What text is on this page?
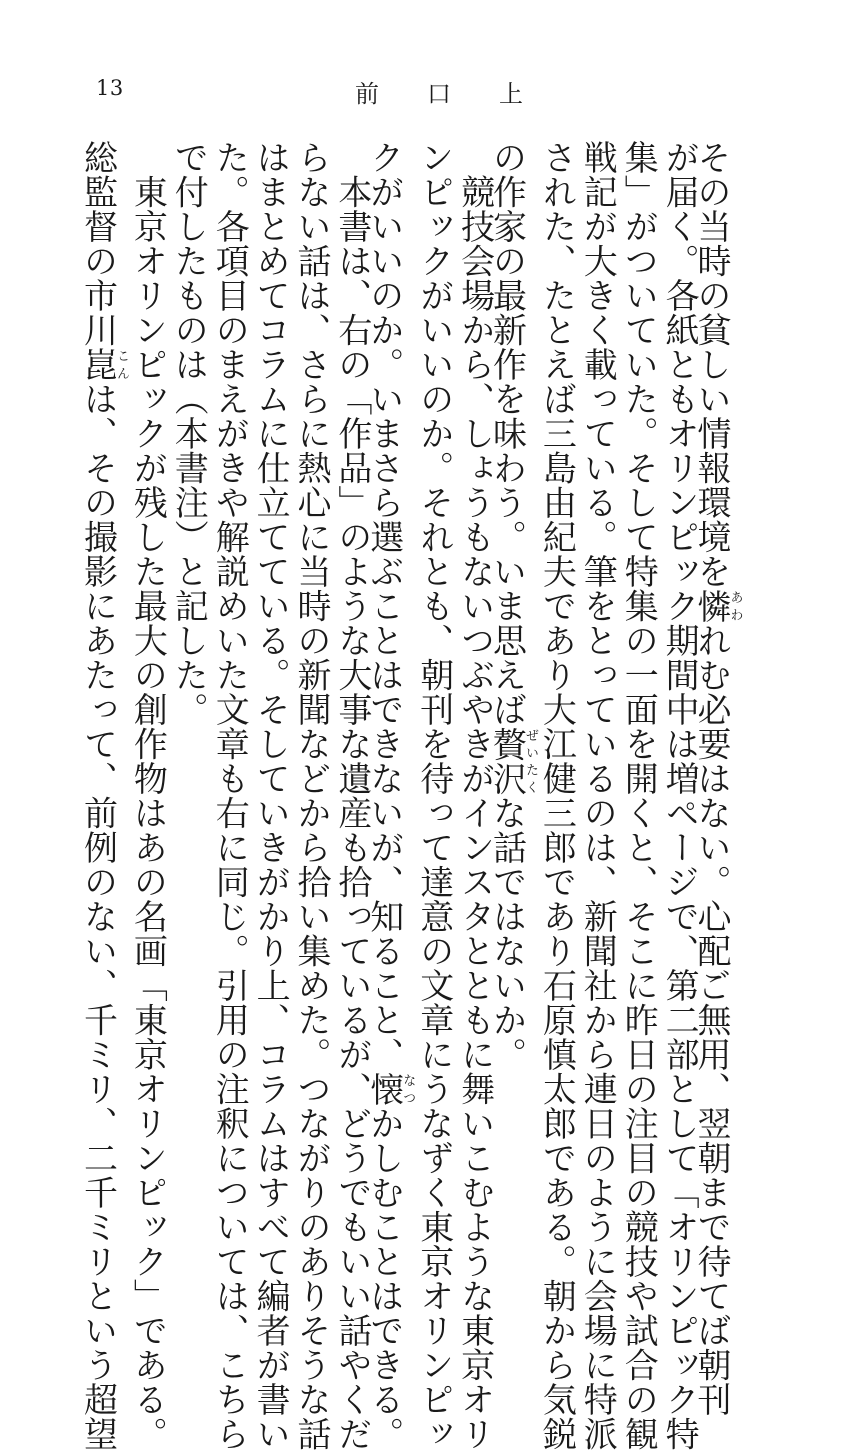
13	前口上
その当時の貧しい情報環境を憐あわれむ必要はない。心配ご無用、翌朝まで待てば朝刊
が届く。各紙ともオリンピック期間中は増ページで、第二部として「オリンピック特
集」がついていた。そして特集の一面を開くと、そこに昨日の注目の競技や試合の観
戦記が大きく載っている。筆をとっているのは、新聞社から連日のように会場に特派
された、たとえば三島由紀夫であり大江健三郎であり石原慎太郎である。朝から気鋭
の作家の最新作を味わう。いま思えば贅沢ぜいたくな話ではないか。
　競技会場から、しょうもないつぶやきがインスタとともに舞いこむような東京オリ
ンピックがいいのか。それとも、朝刊を待って達意の文章にうなずく東京オリンピッ
クがいいのか。いまさら選ぶことはできないが、知ること、懐なつかしむことはできる。
　本書は、右の「作品」のような大事な遺産も拾っているが、どうでもいい話やくだ
らない話は、さらに熱心に当時の新聞などから拾い集めた。つながりのありそうな話
はまとめてコラムに仕立てている。そしていきがかり上、コラムはすべて編者が書い
た。各項目のまえがきや解説めいた文章も右に同じ。引用の注釈については、こちら
で付したものは（本書注）と記した。
　東京オリンピックが残した最大の創作物はあの名画「東京オリンピック」である。
総監督の市川崑こんは、その撮影にあたって、前例のない、千ミリ、二千ミリという超望
